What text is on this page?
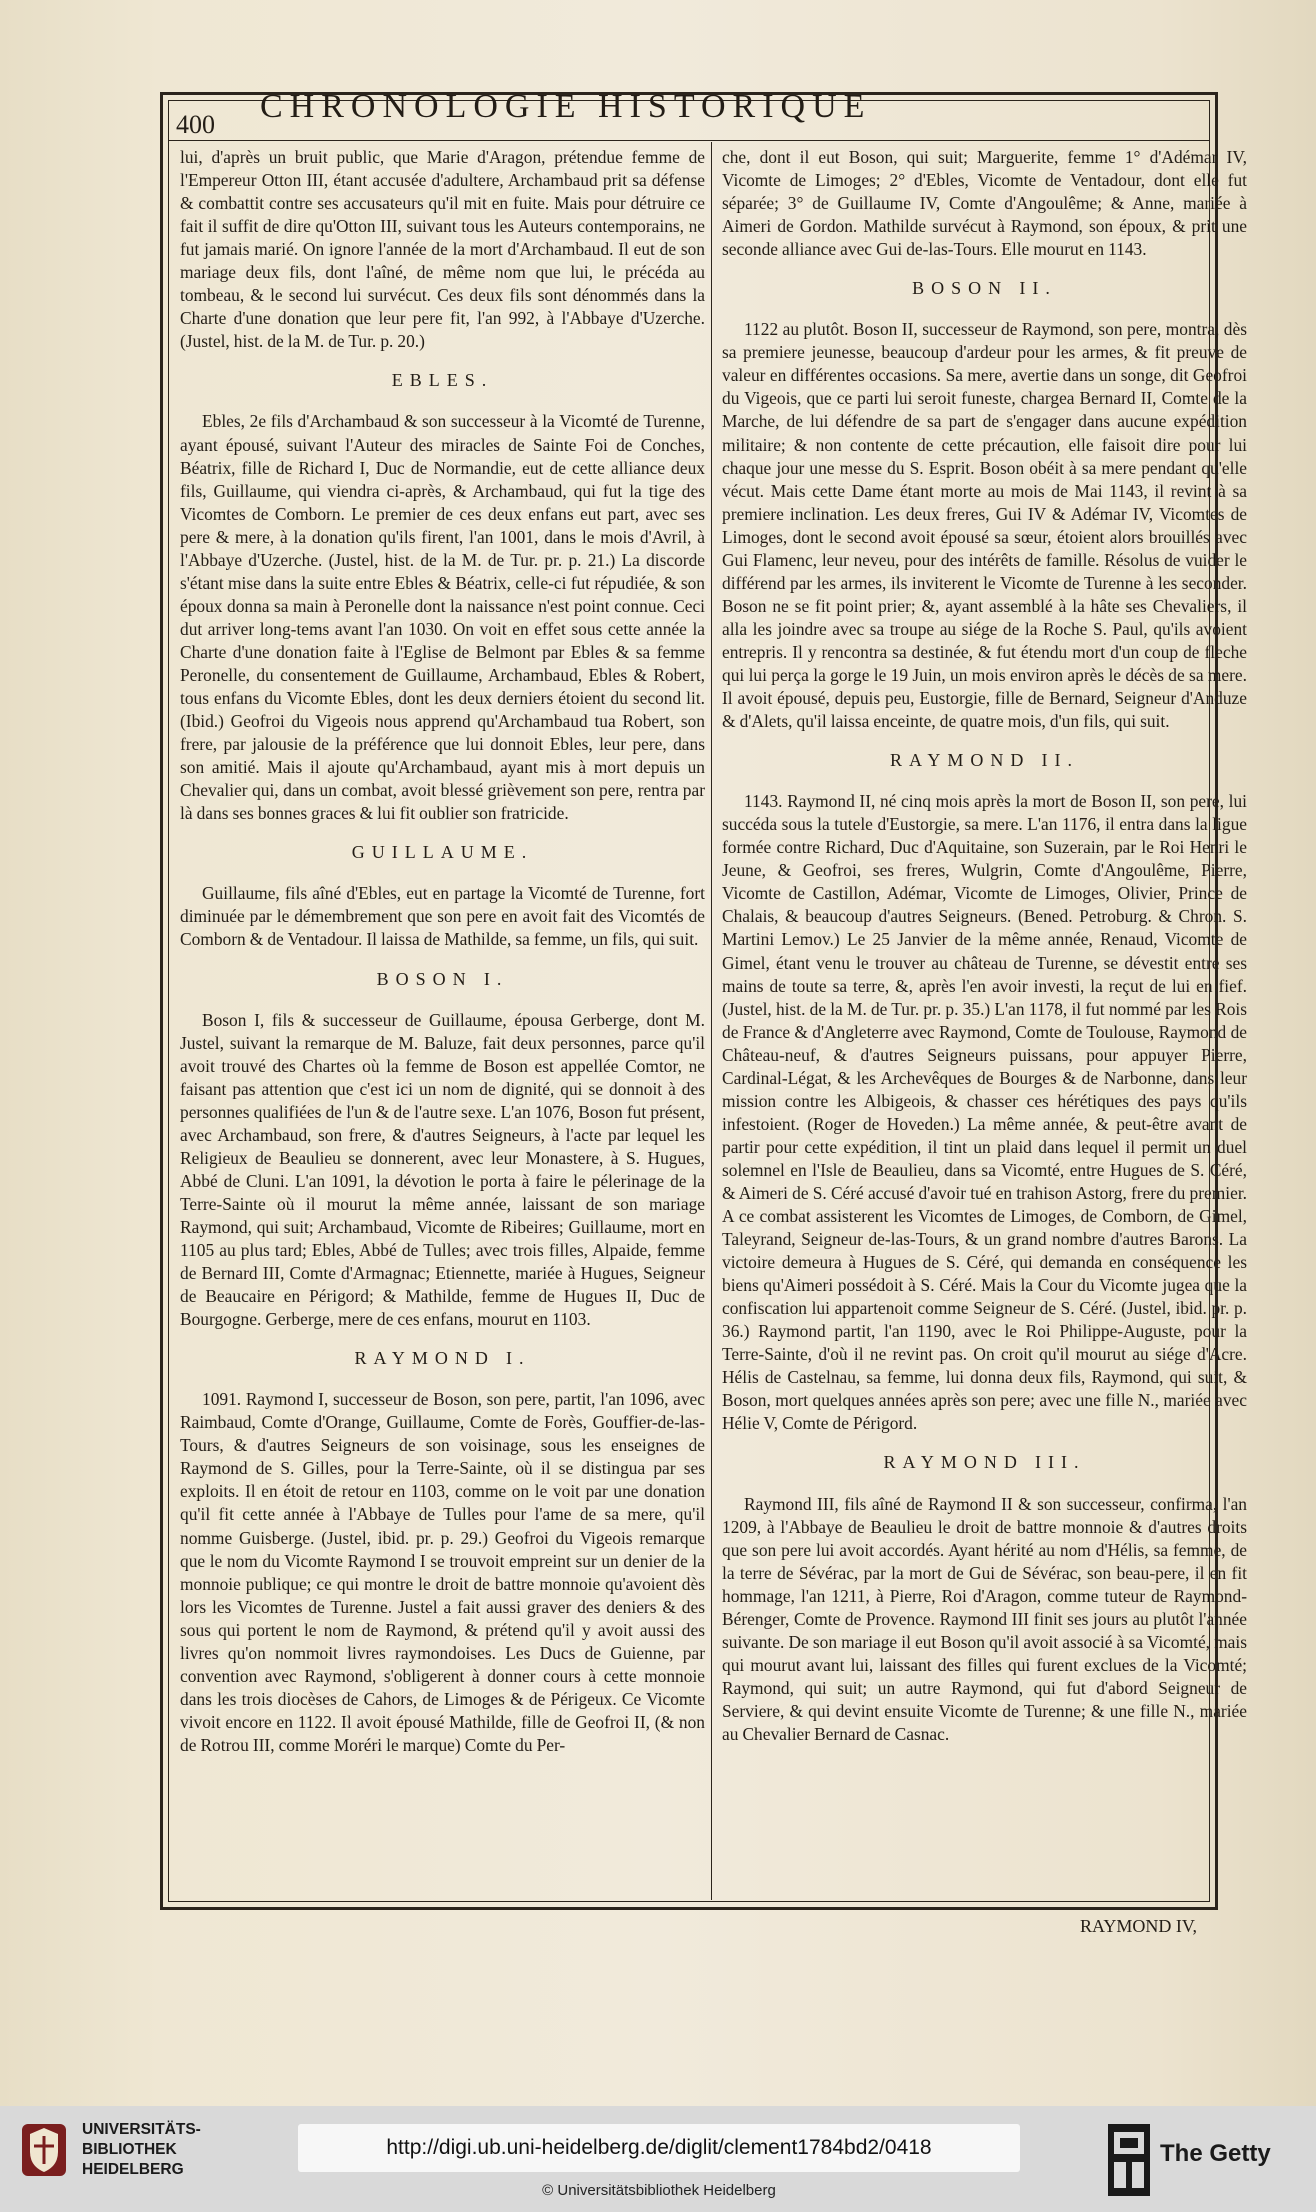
400 CHRONOLOGIE HISTORIQUE

lui, d'après un bruit public, que Marie d'Aragon, prétendue femme de l'Empereur Otton III, étant accusée d'adultere, Archambaud prit sa défense & combattit contre ses accusateurs qu'il mit en fuite. Mais pour détruire ce fait il suffit de dire qu'Otton III, suivant tous les Auteurs contemporains, ne fut jamais marié. On ignore l'année de la mort d'Archambaud. Il eut de son mariage deux fils, dont l'aîné, de même nom que lui, le précéda au tombeau, & le second lui survécut. Ces deux fils sont dénommés dans la Charte d'une donation que leur pere fit, l'an 992, à l'Abbaye d'Uzerche. (Justel, hist. de la M. de Tur. p. 20.)

EBLES.

Ebles, 2e fils d'Archambaud & son successeur à la Vicomté de Turenne, ayant épousé, suivant l'Auteur des miracles de Sainte Foi de Conches, Béatrix, fille de Richard I, Duc de Normandie, eut de cette alliance deux fils, Guillaume, qui viendra ci-après, & Archambaud, qui fut la tige des Vicomtes de Comborn. Le premier de ces deux enfans eut part, avec ses pere & mere, à la donation qu'ils firent, l'an 1001, dans le mois d'Avril, à l'Abbaye d'Uzerche. (Justel, hist. de la M. de Tur. pr. p. 21.) La discorde s'étant mise dans la suite entre Ebles & Béatrix, celle-ci fut répudiée, & son époux donna sa main à Peronelle dont la naissance n'est point connue. Ceci dut arriver long-tems avant l'an 1030. On voit en effet sous cette année la Charte d'une donation faite à l'Eglise de Belmont par Ebles & sa femme Peronelle, du consentement de Guillaume, Archambaud, Ebles & Robert, tous enfans du Vicomte Ebles, dont les deux derniers étoient du second lit. (Ibid.) Geofroi du Vigeois nous apprend qu'Archambaud tua Robert, son frere, par jalousie de la préférence que lui donnoit Ebles, leur pere, dans son amitié. Mais il ajoute qu'Archambaud, ayant mis à mort depuis un Chevalier qui, dans un combat, avoit blessé grièvement son pere, rentra par là dans ses bonnes graces & lui fit oublier son fratricide.

GUILLAUME.

Guillaume, fils aîné d'Ebles, eut en partage la Vicomté de Turenne, fort diminuée par le démembrement que son pere en avoit fait des Vicomtés de Comborn & de Ventadour. Il laissa de Mathilde, sa femme, un fils, qui suit.

BOSON I.

Boson I, fils & successeur de Guillaume, épousa Gerberge, dont M. Justel, suivant la remarque de M. Baluze, fait deux personnes, parce qu'il avoit trouvé des Chartes où la femme de Boson est appellée Comtor, ne faisant pas attention que c'est ici un nom de dignité, qui se donnoit à des personnes qualifiées de l'un & de l'autre sexe. L'an 1076, Boson fut présent, avec Archambaud, son frere, & d'autres Seigneurs, à l'acte par lequel les Religieux de Beaulieu se donnerent, avec leur Monastere, à S. Hugues, Abbé de Cluni. L'an 1091, la dévotion le porta à faire le pélerinage de la Terre-Sainte où il mourut la même année, laissant de son mariage Raymond, qui suit; Archambaud, Vicomte de Ribeires; Guillaume, mort en 1105 au plus tard; Ebles, Abbé de Tulles; avec trois filles, Alpaide, femme de Bernard III, Comte d'Armagnac; Etiennette, mariée à Hugues, Seigneur de Beaucaire en Périgord; & Mathilde, femme de Hugues II, Duc de Bourgogne. Gerberge, mere de ces enfans, mourut en 1103.

RAYMOND I.

1091. Raymond I, successeur de Boson, son pere, partit, l'an 1096, avec Raimbaud, Comte d'Orange, Guillaume, Comte de Forès, Gouffier-de-las-Tours, & d'autres Seigneurs de son voisinage, sous les enseignes de Raymond de S. Gilles, pour la Terre-Sainte, où il se distingua par ses exploits. Il en étoit de retour en 1103, comme on le voit par une donation qu'il fit cette année à l'Abbaye de Tulles pour l'ame de sa mere, qu'il nomme Guisberge. (Justel, ibid. pr. p. 29.) Geofroi du Vigeois remarque que le nom du Vicomte Raymond I se trouvoit empreint sur un denier de la monnoie publique; ce qui montre le droit de battre monnoie qu'avoient dès lors les Vicomtes de Turenne. Justel a fait aussi graver des deniers & des sous qui portent le nom de Raymond, & prétend qu'il y avoit aussi des livres qu'on nommoit livres raymondoises. Les Ducs de Guienne, par convention avec Raymond, s'obligerent à donner cours à cette monnoie dans les trois diocèses de Cahors, de Limoges & de Périgeux. Ce Vicomte vivoit encore en 1122. Il avoit épousé Mathilde, fille de Geofroi II, (& non de Rotrou III, comme Moréri le marque) Comte du Per-

che, dont il eut Boson, qui suit; Marguerite, femme 1° d'Adémar IV, Vicomte de Limoges; 2° d'Ebles, Vicomte de Ventadour, dont elle fut séparée; 3° de Guillaume IV, Comte d'Angoulême; & Anne, mariée à Aimeri de Gordon. Mathilde survécut à Raymond, son époux, & prit une seconde alliance avec Gui de-las-Tours. Elle mourut en 1143.

BOSON II.

1122 au plutôt. Boson II, successeur de Raymond, son pere, montra, dès sa premiere jeunesse, beaucoup d'ardeur pour les armes, & fit preuve de valeur en différentes occasions. Sa mere, avertie dans un songe, dit Geofroi du Vigeois, que ce parti lui seroit funeste, chargea Bernard II, Comte de la Marche, de lui défendre de sa part de s'engager dans aucune expédition militaire; & non contente de cette précaution, elle faisoit dire pour lui chaque jour une messe du S. Esprit. Boson obéit à sa mere pendant qu'elle vécut. Mais cette Dame étant morte au mois de Mai 1143, il revint à sa premiere inclination. Les deux freres, Gui IV & Adémar IV, Vicomtes de Limoges, dont le second avoit épousé sa sœur, étoient alors brouillés avec Gui Flamenc, leur neveu, pour des intérêts de famille. Résolus de vuider le différend par les armes, ils inviterent le Vicomte de Turenne à les seconder. Boson ne se fit point prier; &, ayant assemblé à la hâte ses Chevaliers, il alla les joindre avec sa troupe au siége de la Roche S. Paul, qu'ils avoient entrepris. Il y rencontra sa destinée, & fut étendu mort d'un coup de fleche qui lui perça la gorge le 19 Juin, un mois environ après le décès de sa mere. Il avoit épousé, depuis peu, Eustorgie, fille de Bernard, Seigneur d'Anduze & d'Alets, qu'il laissa enceinte, de quatre mois, d'un fils, qui suit.

RAYMOND II.

1143. Raymond II, né cinq mois après la mort de Boson II, son pere, lui succéda sous la tutele d'Eustorgie, sa mere. L'an 1176, il entra dans la ligue formée contre Richard, Duc d'Aquitaine, son Suzerain, par le Roi Henri le Jeune, & Geofroi, ses freres, Wulgrin, Comte d'Angoulême, Pierre, Vicomte de Castillon, Adémar, Vicomte de Limoges, Olivier, Prince de Chalais, & beaucoup d'autres Seigneurs. (Bened. Petroburg. & Chron. S. Martini Lemov.) Le 25 Janvier de la même année, Renaud, Vicomte de Gimel, étant venu le trouver au château de Turenne, se dévestit entre ses mains de toute sa terre, &, après l'en avoir investi, la reçut de lui en fief. (Justel, hist. de la M. de Tur. pr. p. 35.) L'an 1178, il fut nommé par les Rois de France & d'Angleterre avec Raymond, Comte de Toulouse, Raymond de Château-neuf, & d'autres Seigneurs puissans, pour appuyer Pierre, Cardinal-Légat, & les Archevêques de Bourges & de Narbonne, dans leur mission contre les Albigeois, & chasser ces hérétiques des pays qu'ils infestoient. (Roger de Hoveden.) La même année, & peut-être avant de partir pour cette expédition, il tint un plaid dans lequel il permit un duel solemnel en l'Isle de Beaulieu, dans sa Vicomté, entre Hugues de S. Céré, & Aimeri de S. Céré accusé d'avoir tué en trahison Astorg, frere du premier. A ce combat assisterent les Vicomtes de Limoges, de Comborn, de Gimel, Taleyrand, Seigneur de-las-Tours, & un grand nombre d'autres Barons. La victoire demeura à Hugues de S. Céré, qui demanda en conséquence les biens qu'Aimeri possédoit à S. Céré. Mais la Cour du Vicomte jugea que la confiscation lui appartenoit comme Seigneur de S. Céré. (Justel, ibid. pr. p. 36.) Raymond partit, l'an 1190, avec le Roi Philippe-Auguste, pour la Terre-Sainte, d'où il ne revint pas. On croit qu'il mourut au siége d'Acre. Hélis de Castelnau, sa femme, lui donna deux fils, Raymond, qui suit, & Boson, mort quelques années après son pere; avec une fille N., mariée avec Hélie V, Comte de Périgord.

RAYMOND III.

Raymond III, fils aîné de Raymond II & son successeur, confirma, l'an 1209, à l'Abbaye de Beaulieu le droit de battre monnoie & d'autres droits que son pere lui avoit accordés. Ayant hérité au nom d'Hélis, sa femme, de la terre de Sévérac, par la mort de Gui de Sévérac, son beau-pere, il en fit hommage, l'an 1211, à Pierre, Roi d'Aragon, comme tuteur de Raymond-Bérenger, Comte de Provence. Raymond III finit ses jours au plutôt l'année suivante. De son mariage il eut Boson qu'il avoit associé à sa Vicomté, mais qui mourut avant lui, laissant des filles qui furent exclues de la Vicomté; Raymond, qui suit; un autre Raymond, qui fut d'abord Seigneur de Serviere, & qui devint ensuite Vicomte de Turenne; & une fille N., mariée au Chevalier Bernard de Casnac.

RAYMOND IV,
UNIVERSITÄTS-BIBLIOTHEK HEIDELBERG
http://digi.ub.uni-heidelberg.de/diglit/clement1784bd2/0418
© Universitätsbibliothek Heidelberg
The Getty
